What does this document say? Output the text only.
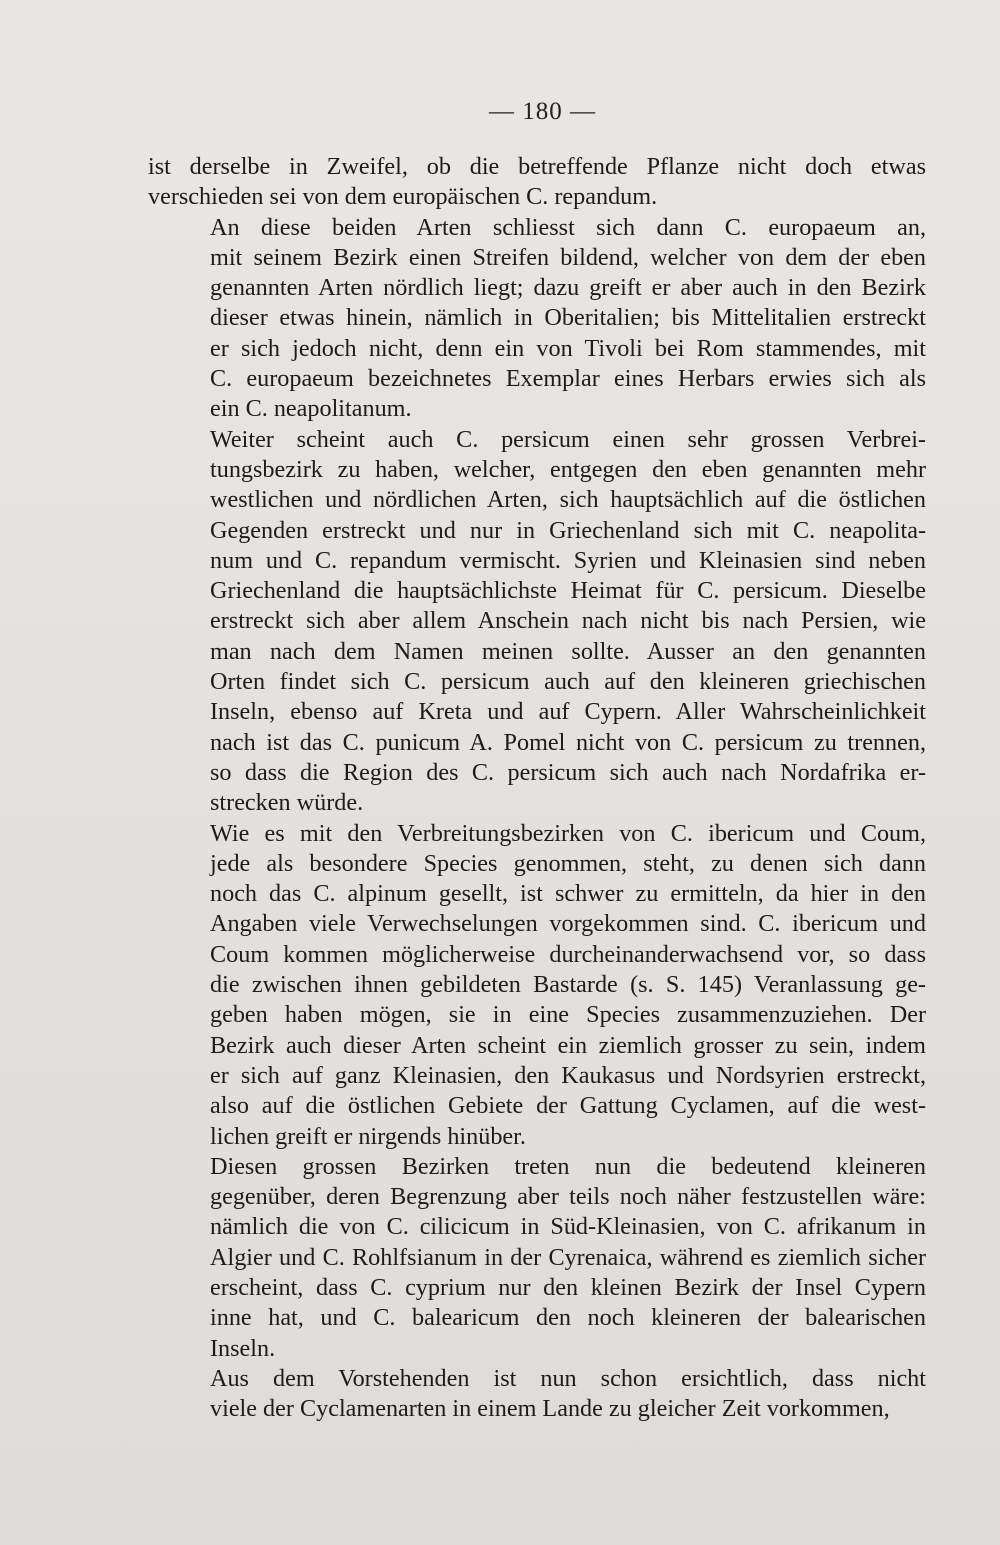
— 180 —

ist derselbe in Zweifel, ob die betreffende Pflanze nicht doch etwas
verschieden sei von dem europäischen C. repandum.

An diese beiden Arten schliesst sich dann C. europaeum an,
mit seinem Bezirk einen Streifen bildend, welcher von dem der eben
genannten Arten nördlich liegt; dazu greift er aber auch in den Bezirk
dieser etwas hinein, nämlich in Oberitalien; bis Mittelitalien erstreckt
er sich jedoch nicht, denn ein von Tivoli bei Rom stammendes, mit
C. europaeum bezeichnetes Exemplar eines Herbars erwies sich als
ein C. neapolitanum.

Weiter scheint auch C. persicum einen sehr grossen Verbrei-
tungsbezirk zu haben, welcher, entgegen den eben genannten mehr
westlichen und nördlichen Arten, sich hauptsächlich auf die östlichen
Gegenden erstreckt und nur in Griechenland sich mit C. neapolita-
num und C. repandum vermischt. Syrien und Kleinasien sind neben
Griechenland die hauptsächlichste Heimat für C. persicum. Dieselbe
erstreckt sich aber allem Anschein nach nicht bis nach Persien, wie
man nach dem Namen meinen sollte. Ausser an den genannten
Orten findet sich C. persicum auch auf den kleineren griechischen
Inseln, ebenso auf Kreta und auf Cypern. Aller Wahrscheinlichkeit
nach ist das C. punicum A. Pomel nicht von C. persicum zu trennen,
so dass die Region des C. persicum sich auch nach Nordafrika er-
strecken würde.

Wie es mit den Verbreitungsbezirken von C. ibericum und Coum,
jede als besondere Species genommen, steht, zu denen sich dann
noch das C. alpinum gesellt, ist schwer zu ermitteln, da hier in den
Angaben viele Verwechselungen vorgekommen sind. C. ibericum und
Coum kommen möglicherweise durcheinanderwachsend vor, so dass
die zwischen ihnen gebildeten Bastarde (s. S. 145) Veranlassung ge-
geben haben mögen, sie in eine Species zusammenzuziehen. Der
Bezirk auch dieser Arten scheint ein ziemlich grosser zu sein, indem
er sich auf ganz Kleinasien, den Kaukasus und Nordsyrien erstreckt,
also auf die östlichen Gebiete der Gattung Cyclamen, auf die west-
lichen greift er nirgends hinüber.

Diesen grossen Bezirken treten nun die bedeutend kleineren
gegenüber, deren Begrenzung aber teils noch näher festzustellen wäre:
nämlich die von C. cilicicum in Süd-Kleinasien, von C. afrikanum in
Algier und C. Rohlfsianum in der Cyrenaica, während es ziemlich sicher
erscheint, dass C. cyprium nur den kleinen Bezirk der Insel Cypern
inne hat, und C. balearicum den noch kleineren der balearischen
Inseln.

Aus dem Vorstehenden ist nun schon ersichtlich, dass nicht
viele der Cyclamenarten in einem Lande zu gleicher Zeit vorkommen,
